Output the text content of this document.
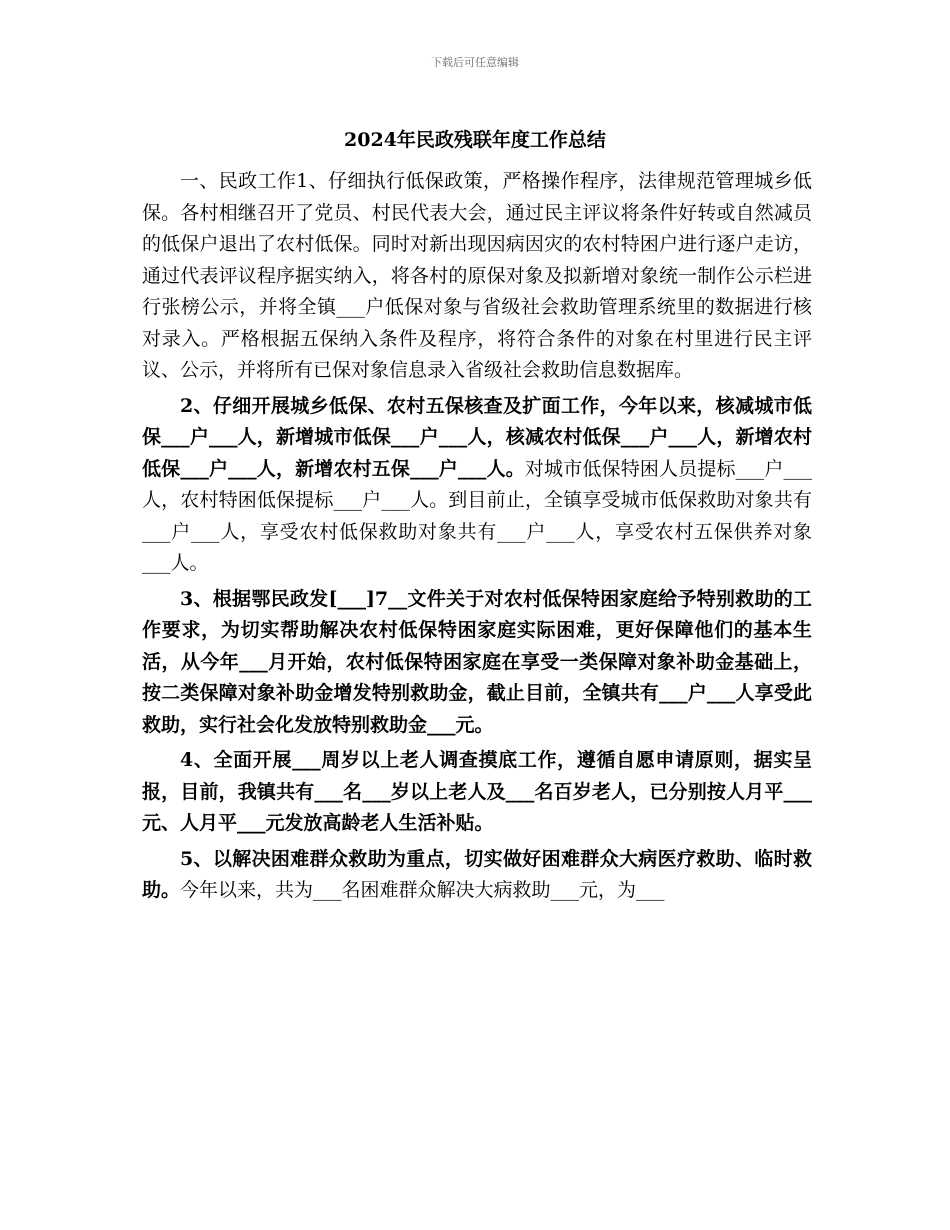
下载后可任意编辑
2024年民政残联年度工作总结

一、民政工作1、仔细执行低保政策，严格操作程序，法律规范管理城乡低保。各村相继召开了党员、村民代表大会，通过民主评议将条件好转或自然减员的低保户退出了农村低保。同时对新出现因病因灾的农村特困户进行逐户走访，通过代表评议程序据实纳入，将各村的原保对象及拟新增对象统一制作公示栏进行张榜公示，并将全镇___户低保对象与省级社会救助管理系统里的数据进行核对录入。严格根据五保纳入条件及程序，将符合条件的对象在村里进行民主评议、公示，并将所有已保对象信息录入省级社会救助信息数据库。

2、仔细开展城乡低保、农村五保核查及扩面工作，今年以来，核减城市低保___户___人，新增城市低保___户___人，核减农村低保___户___人，新增农村低保___户___人，新增农村五保___户___人。对城市低保特困人员提标___户___人，农村特困低保提标___户___人。到目前止，全镇享受城市低保救助对象共有___户___人，享受农村低保救助对象共有___户___人，享受农村五保供养对象___人。

3、根据鄂民政发[___]7__文件关于对农村低保特困家庭给予特别救助的工作要求，为切实帮助解决农村低保特困家庭实际困难，更好保障他们的基本生活，从今年___月开始，农村低保特困家庭在享受一类保障对象补助金基础上，按二类保障对象补助金增发特别救助金，截止目前，全镇共有___户___人享受此救助，实行社会化发放特别救助金___元。

4、全面开展___周岁以上老人调查摸底工作，遵循自愿申请原则，据实呈报，目前，我镇共有___名___岁以上老人及___名百岁老人，已分别按人月平___元、人月平___元发放高龄老人生活补贴。

5、以解决困难群众救助为重点，切实做好困难群众大病医疗救助、临时救助。今年以来，共为___名困难群众解决大病救助___元，为___
